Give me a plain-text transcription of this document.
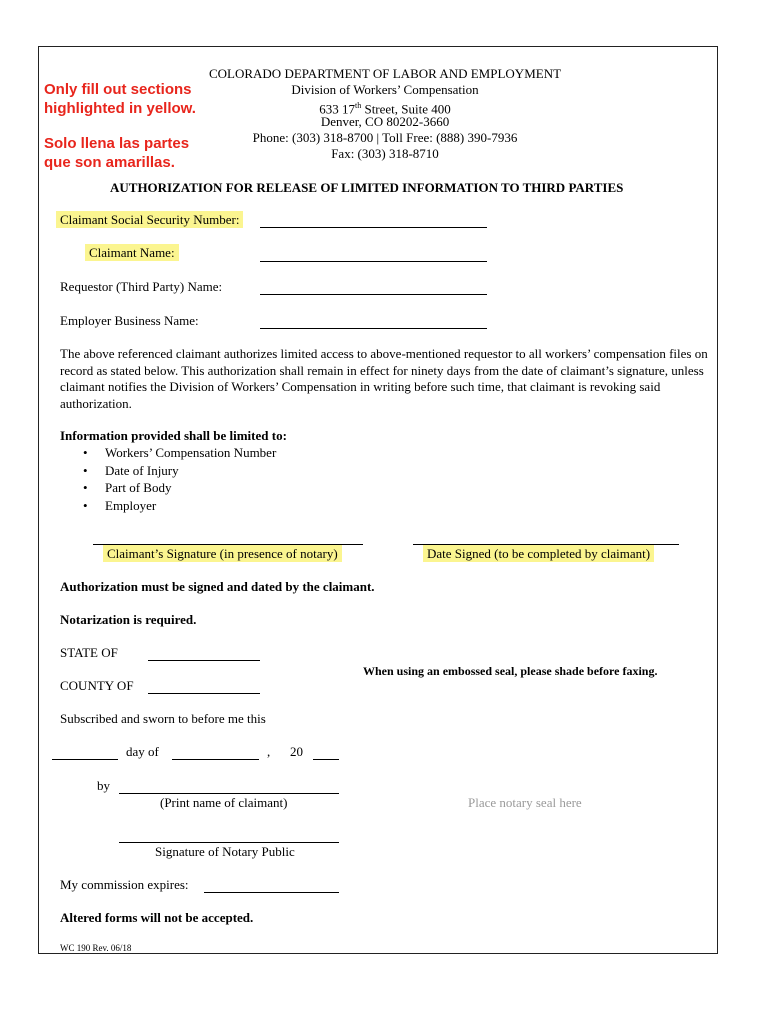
Only fill out sections
highlighted in yellow.
Solo llena las partes
que son amarillas.
COLORADO DEPARTMENT OF LABOR AND EMPLOYMENT
Division of Workers’ Compensation
633 17th Street, Suite 400
Denver, CO 80202-3660
Phone: (303) 318-8700 | Toll Free: (888) 390-7936
Fax: (303) 318-8710
AUTHORIZATION FOR RELEASE OF LIMITED INFORMATION TO THIRD PARTIES
Claimant Social Security Number:
Claimant Name:
Requestor (Third Party) Name:
Employer Business Name:
The above referenced claimant authorizes limited access to above-mentioned requestor to all workers’ compensation files on record as stated below. This authorization shall remain in effect for ninety days from the date of claimant’s signature, unless claimant notifies the Division of Workers’ Compensation in writing before such time, that claimant is revoking said authorization.
Information provided shall be limited to:
• Workers’ Compensation Number
• Date of Injury
• Part of Body
• Employer
Claimant’s Signature (in presence of notary)	Date Signed (to be completed by claimant)
Authorization must be signed and dated by the claimant.
Notarization is required.
STATE OF
When using an embossed seal, please shade before faxing.
COUNTY OF
Subscribed and sworn to before me this
day of	, 20
by
(Print name of claimant)	Place notary seal here
Signature of Notary Public
My commission expires:
Altered forms will not be accepted.
WC 190 Rev. 06/18
